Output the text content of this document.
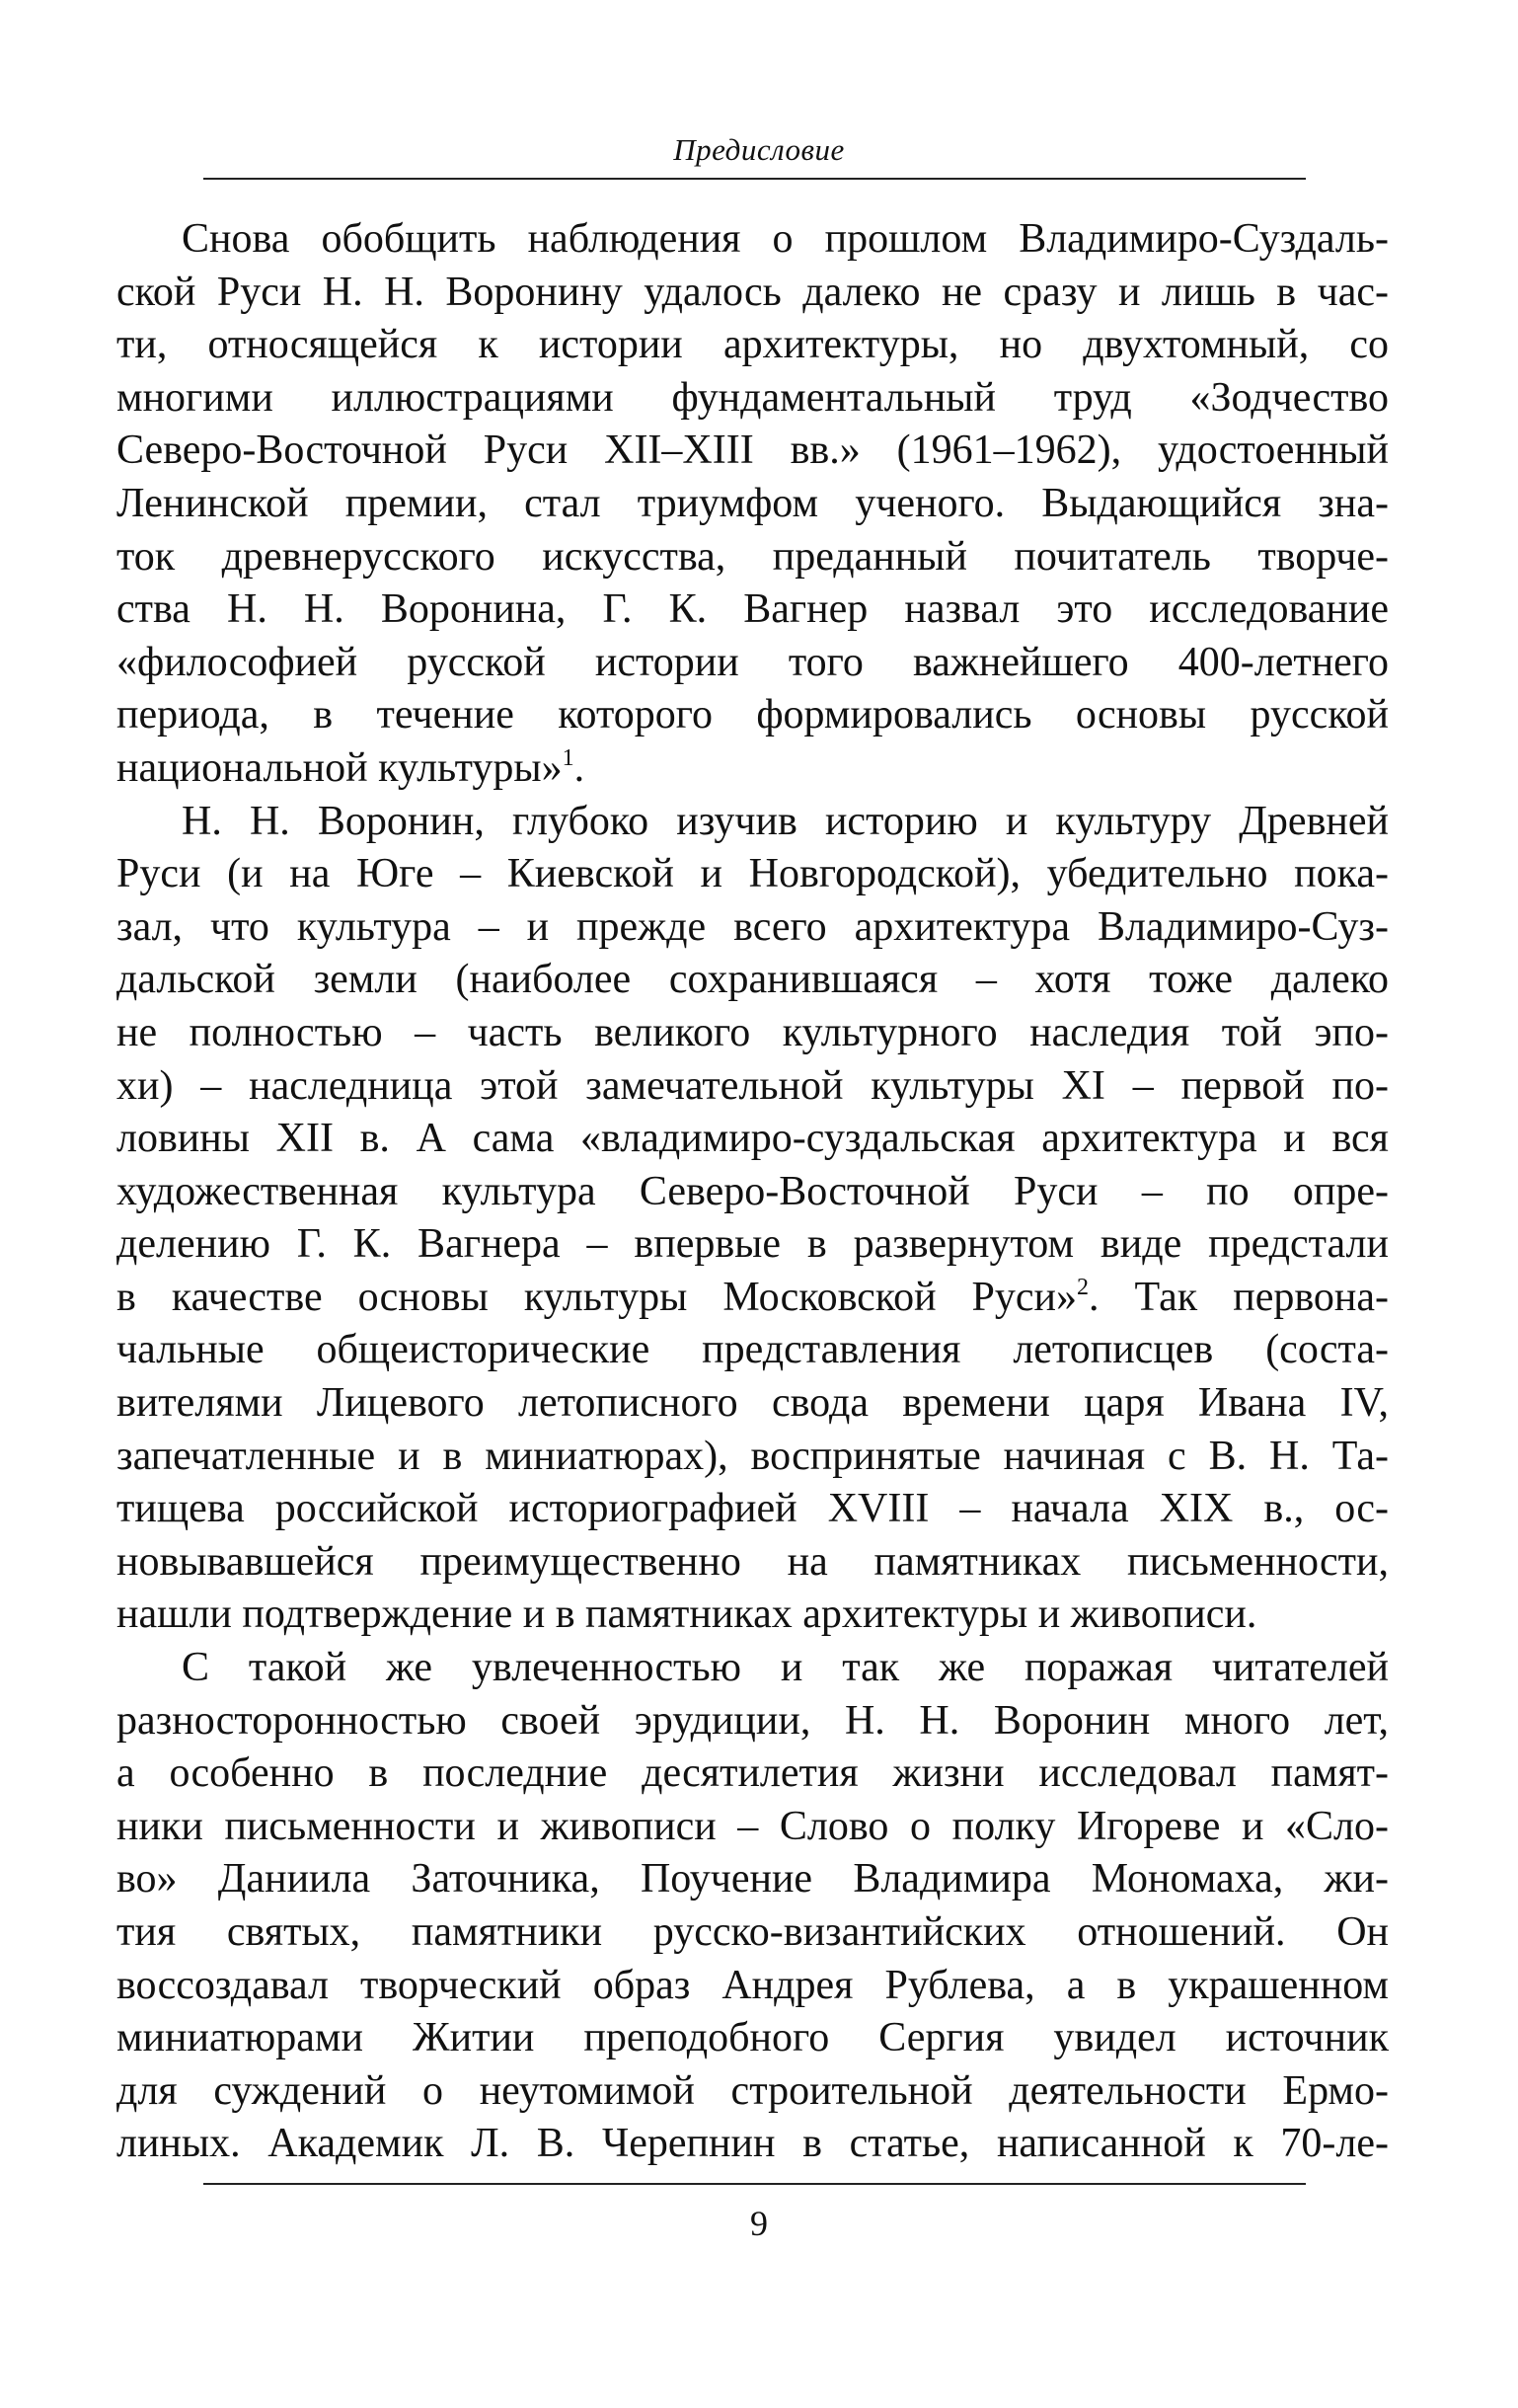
Предисловие
Снова обобщить наблюдения о прошлом Владимиро-Суздаль-
ской Руси Н. Н. Воронину удалось далеко не сразу и лишь в час-
ти, относящейся к истории архитектуры, но двухтомный, со
многими иллюстрациями фундаментальный труд «Зодчество
Северо-Восточной Руси XII–XIII вв.» (1961–1962), удостоенный
Ленинской премии, стал триумфом ученого. Выдающийся зна-
ток древнерусского искусства, преданный почитатель творче-
ства Н. Н. Воронина, Г. К. Вагнер назвал это исследование
«философией русской истории того важнейшего 400-летнего
периода, в течение которого формировались основы русской
национальной культуры»$^1$.
Н. Н. Воронин, глубоко изучив историю и культуру Древней
Руси (и на Юге – Киевской и Новгородской), убедительно пока-
зал, что культура – и прежде всего архитектура Владимиро-Суз-
дальской земли (наиболее сохранившаяся – хотя тоже далеко
не полностью – часть великого культурного наследия той эпо-
хи) – наследница этой замечательной культуры XI – первой по-
ловины XII в. А сама «владимиро-суздальская архитектура и вся
художественная культура Северо-Восточной Руси – по опре-
делению Г. К. Вагнера – впервые в развернутом виде предстали
в качестве основы культуры Московской Руси»$^2$. Так первона-
чальные общеисторические представления летописцев (соста-
вителями Лицевого летописного свода времени царя Ивана IV,
запечатленные и в миниатюрах), воспринятые начиная с В. Н. Та-
тищева российской историографией XVIII – начала XIX в., ос-
новывавшейся преимущественно на памятниках письменности,
нашли подтверждение и в памятниках архитектуры и живописи.
С такой же увлеченностью и так же поражая читателей
разносторонностью своей эрудиции, Н. Н. Воронин много лет,
а особенно в последние десятилетия жизни исследовал памят-
ники письменности и живописи – Слово о полку Игореве и «Сло-
во» Даниила Заточника, Поучение Владимира Мономаха, жи-
тия святых, памятники русско-византийских отношений. Он
воссоздавал творческий образ Андрея Рублева, а в украшенном
миниатюрами Житии преподобного Сергия увидел источник
для суждений о неутомимой строительной деятельности Ермо-
линых. Академик Л. В. Черепнин в статье, написанной к 70-ле-
9
